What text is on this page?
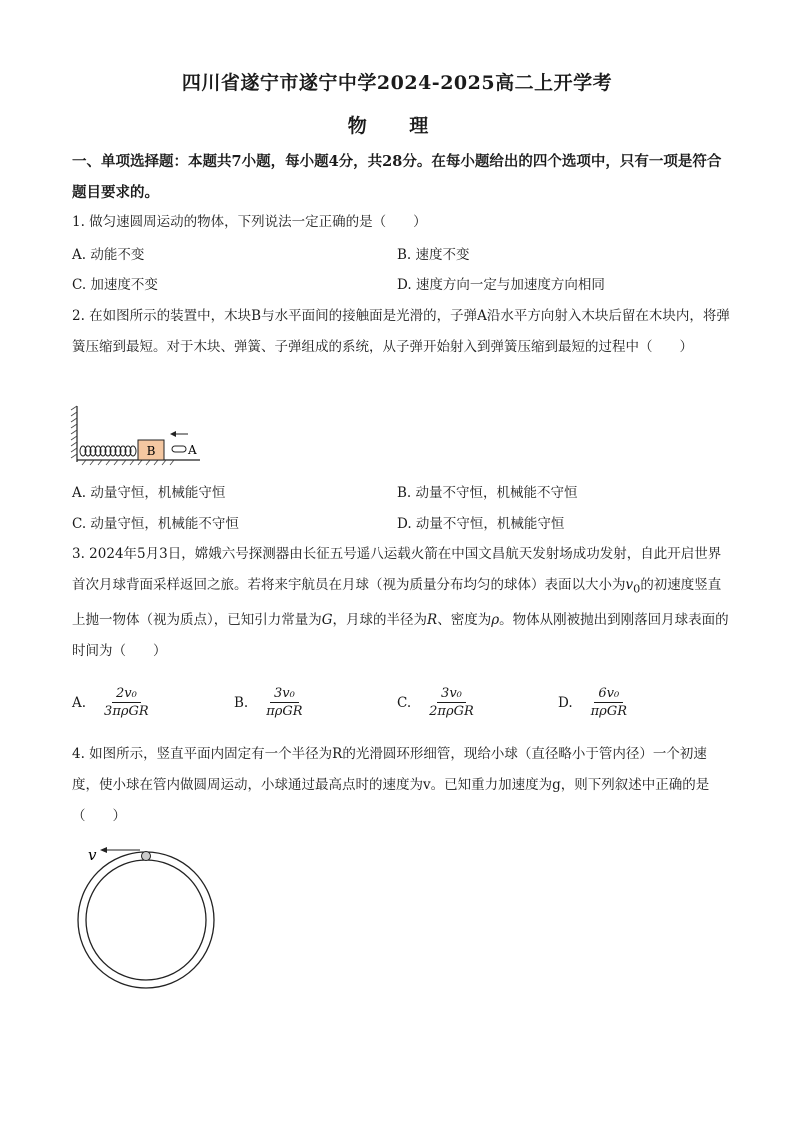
四川省遂宁市遂宁中学2024-2025高二上开学考
物 理
一、单项选择题：本题共7小题，每小题4分，共28分。在每小题给出的四个选项中，只有一项是符合题目要求的。
1. 做匀速圆周运动的物体，下列说法一定正确的是（　　）
A. 动能不变	B. 速度不变
C. 加速度不变	D. 速度方向一定与加速度方向相同
2. 在如图所示的装置中，木块B与水平面间的接触面是光滑的，子弹A沿水平方向射入木块后留在木块内，将弹簧压缩到最短。对于木块、弹簧、子弹组成的系统，从子弹开始射入到弹簧压缩到最短的过程中（　　）
B	A
A. 动量守恒，机械能守恒	B. 动量不守恒，机械能不守恒
C. 动量守恒，机械能不守恒	D. 动量不守恒，机械能守恒
3. 2024年5月3日，嫦娥六号探测器由长征五号遥八运载火箭在中国文昌航天发射场成功发射，自此开启世界首次月球背面采样返回之旅。若将来宇航员在月球（视为质量分布均匀的球体）表面以大小为$v_0$的初速度竖直上抛一物体（视为质点），已知引力常量为G，月球的半径为R、密度为ρ。物体从刚被抛出到刚落回月球表面的时间为（　　）
A. $\frac{\text{2v₀}}{\text{3πρGR}}$	B. $\frac{\text{3v₀}}{\text{πρGR}}$	C. $\frac{\text{3v₀}}{\text{2πρGR}}$	D. $\frac{\text{6v₀}}{\text{πρGR}}$
4. 如图所示，竖直平面内固定有一个半径为R的光滑圆环形细管，现给小球（直径略小于管内径）一个初速度，使小球在管内做圆周运动，小球通过最高点时的速度为v。已知重力加速度为g，则下列叙述中正确的是（　　）
v
